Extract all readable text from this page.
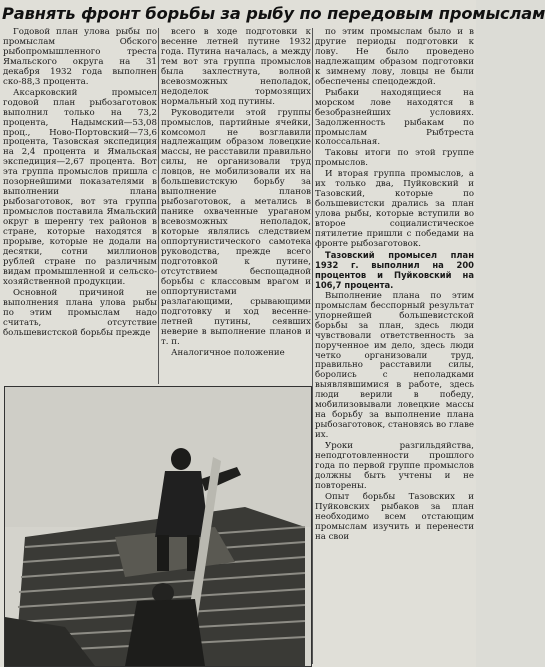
Равнять фронт борьбы за рыбу по передовым промыслам

Годовой план улова рыбы по промыслам Обского рыбопромышленного треста Ямальского округа на 31 декабря 1932 года выполнен ско-88,3 процента.

Аксарковский промысел годовой план рыбозаготовок выполнил только на 73,2 процента, Надымский—53,08 проц., Ново-Портовский—73,6 процента, Тазовская экспедиция на 2,4 процента и Ямальская экспедиция—2,67 процента. Вот эта группа промыслов пришла с позорнейшими показателями в выполнении плана рыбозаготовок, вот эта группа промыслов поставила Ямальский округ в шеренгу тех районов в стране, которые находятся в прорыве, которые не додали на десятки, сотни миллионов рублей стране по различным видам промышленной и сельско-хозяйственной продукции.

Основной причиной не выполнения плана улова рыбы по этим промыслам надо считать, отсутствие большевистской борьбы прежде

всего в ходе подготовки к весенне летней путине 1932 года. Путина началась, а между тем вот эта группа промыслов была захлестнута, волной всевозможных неполадок, недоделок тормозящих нормальный ход путины.

Руководители этой группы промыслов, партийные ячейки, комсомол не возглавили надлежащим образом ловецкие массы, не расставили правильно силы, не организовали труд ловцов, не мобилизовали их на большевистскую борьбу за выполнение планов рыбозаготовок, а метались в панике охваченные ураганом всевозможных неполадок, которые являлись следствием оппортунистического самотека руководства, прежде всего подготовкой к путине, отсутствием беспощадной борьбы с классовым врагом и оппортунистами разлагающими, срывающими подготовку и ход весенне-летней путины, сеявших неверие в выполнение планов и т. п.

Аналогичное положение

по этим промыслам было и в другие периоды подготовки к лову. Не было проведено надлежащим образом подготовки к зимнему лову, ловцы не были обеспечены спецодеждой.

Рыбаки находящиеся на морском лове находятся в безобразнейших условиях. Задолженность рыбакам по промыслам Рыбтреста колоссальная.

Таковы итоги по этой группе промыслов.

И вторая группа промыслов, а их только два, Пуйковский и Тазовский, которые по большевистски дрались за план улова рыбы, которые вступили во второе социалистическое пятилетие пришли с победами на фронте рыбозаготовок.

Тазовский промысел план 1932 г. выполнил на 200 процентов и Пуйковский на 106,7 процента.

Выполнение плана по этим промыслам бесспорный результат упорнейшей большевистской борьбы за план, здесь люди чувствовали ответственность за порученное им дело, здесь люди четко организовали труд, правильно расставили силы, боролись с неполадками выявлявшимися в работе, здесь люди верили в победу, мобилизовывали ловецкие массы на борьбу за выполнение плана рыбозаготовок, становясь во главе их.

Уроки разгильдяйства, неподготовленности прошлого года по первой группе промыслов должны быть учтены и не повторены.

Опыт борьбы Тазовских и Пуйковских рыбаков за план необходимо всем отстающим промыслам изучить и перенести на свои
